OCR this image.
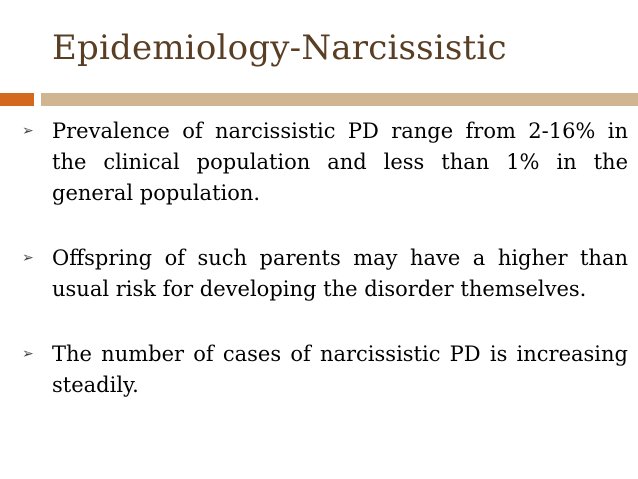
Epidemiology-Narcissistic
➢ Prevalence of narcissistic PD range from 2-16% in the clinical population and less than 1% in the general population.
➢ Offspring of such parents may have a higher than usual risk for developing the disorder themselves.
➢ The number of cases of narcissistic PD is increasing steadily.
